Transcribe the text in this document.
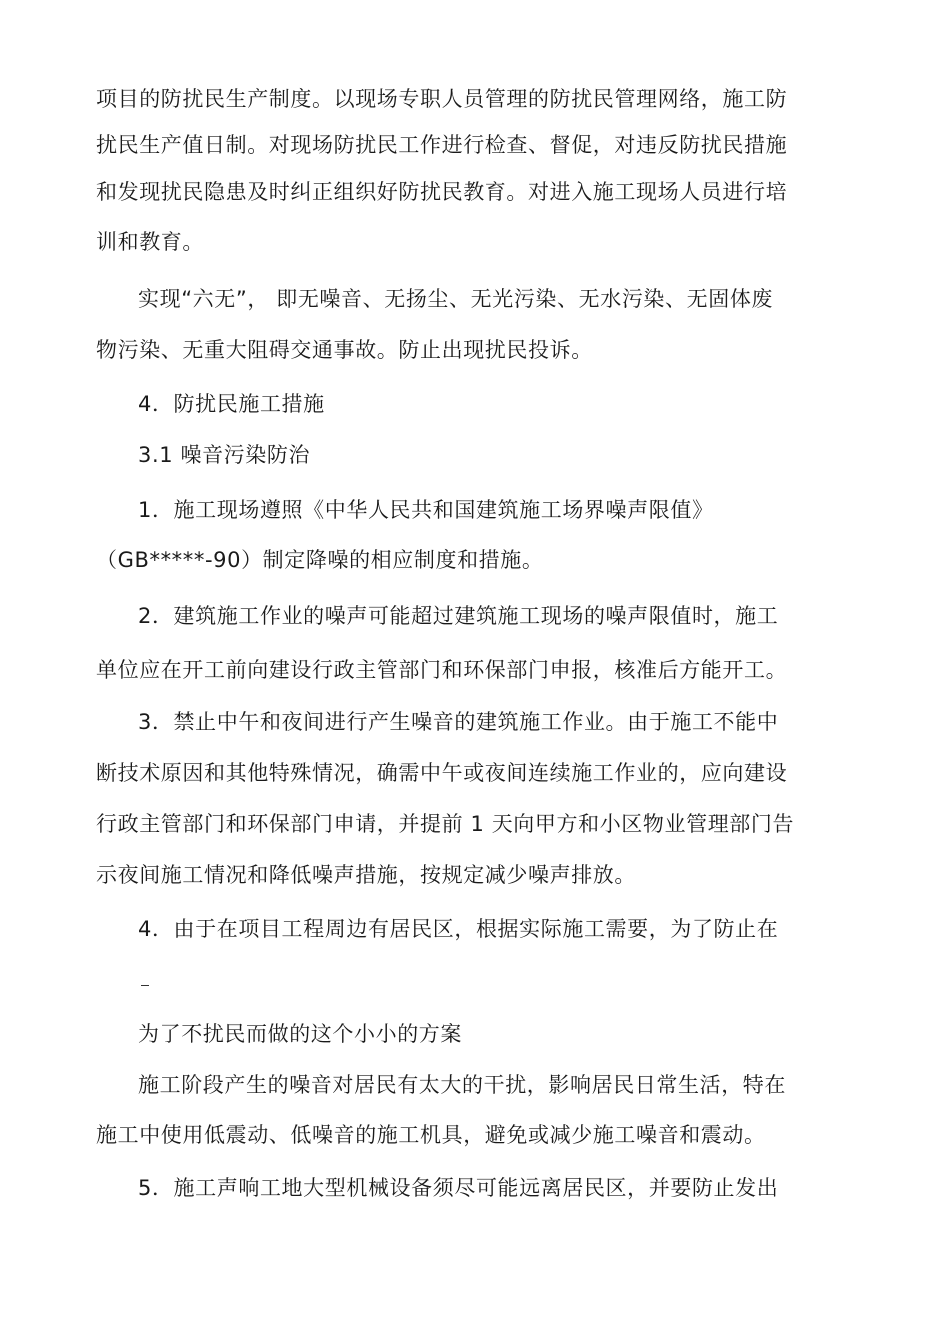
项目的防扰民生产制度。以现场专职人员管理的防扰民管理网络，施工防
扰民生产值日制。对现场防扰民工作进行检查、督促，对违反防扰民措施
和发现扰民隐患及时纠正组织好防扰民教育。对进入施工现场人员进行培
训和教育。
实现“六无”， 即无噪音、无扬尘、无光污染、无水污染、无固体废
物污染、无重大阻碍交通事故。防止出现扰民投诉。
4．防扰民施工措施
3.1 噪音污染防治
1．施工现场遵照《中华人民共和国建筑施工场界噪声限值》
（GB*****-90）制定降噪的相应制度和措施。
2．建筑施工作业的噪声可能超过建筑施工现场的噪声限值时，施工
单位应在开工前向建设行政主管部门和环保部门申报，核准后方能开工。
3．禁止中午和夜间进行产生噪音的建筑施工作业。由于施工不能中
断技术原因和其他特殊情况，确需中午或夜间连续施工作业的，应向建设
行政主管部门和环保部门申请，并提前 1 天向甲方和小区物业管理部门告
示夜间施工情况和降低噪声措施，按规定减少噪声排放。
4．由于在项目工程周边有居民区，根据实际施工需要，为了防止在
为了不扰民而做的这个小小的方案
施工阶段产生的噪音对居民有太大的干扰，影响居民日常生活，特在
施工中使用低震动、低噪音的施工机具，避免或减少施工噪音和震动。
5．施工声响工地大型机械设备须尽可能远离居民区，并要防止发出
